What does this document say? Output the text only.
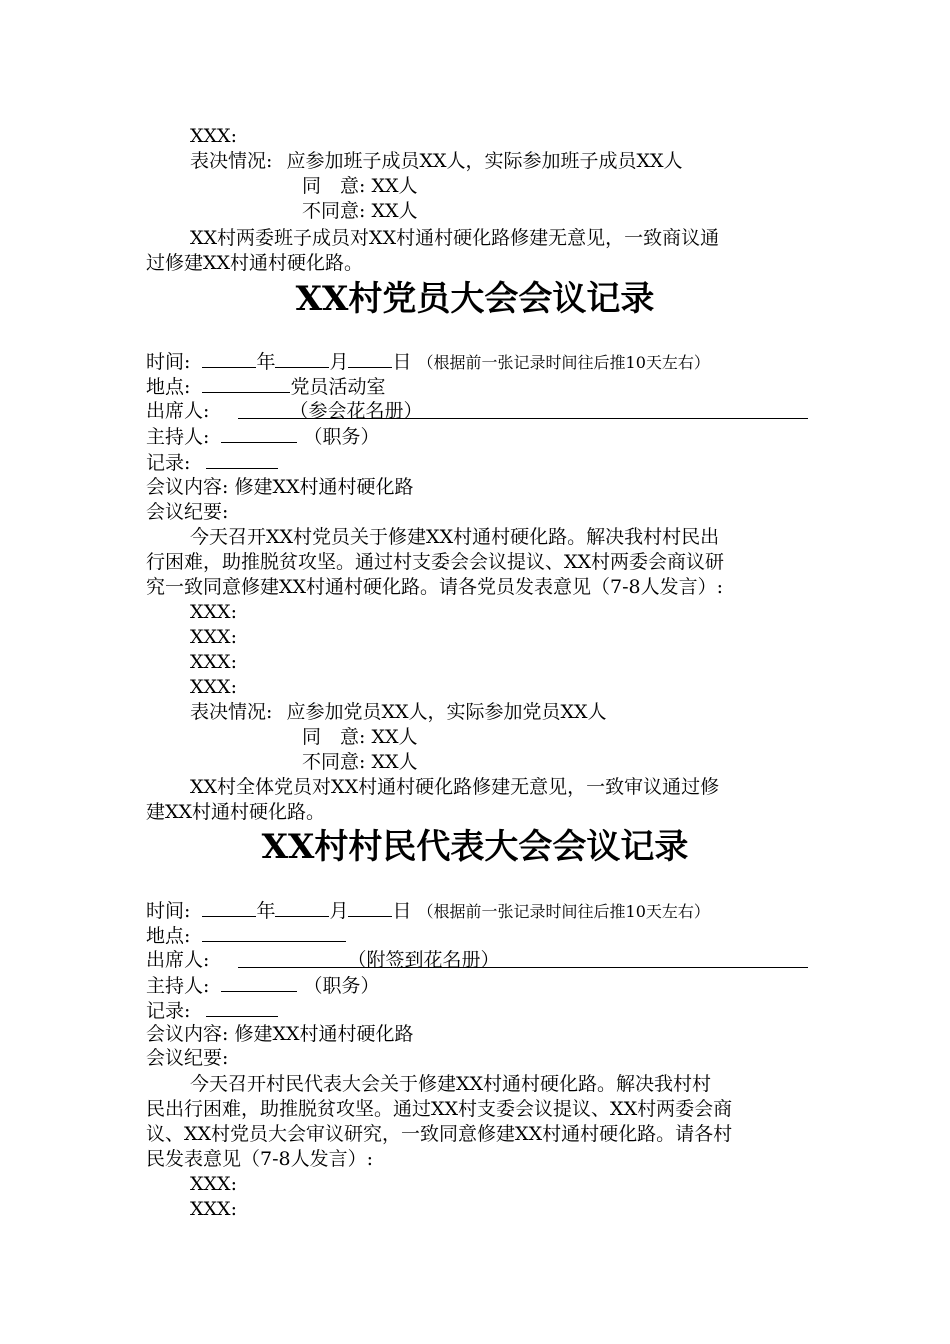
XXX:
表决情况: 应参加班子成员XX人，实际参加班子成员XX人
同　意: XX人
不同意: XX人
XX村两委班子成员对XX村通村硬化路修建无意见，一致商议通
过修建XX村通村硬化路。
XX村党员大会会议记录
时间:	年	月 日 （根据前一张记录时间往后推10天左右）
地点:	党员活动室
出席人:	（参会花名册）
主持人:	（职务）
记录:
会议内容: 修建XX村通村硬化路
会议纪要:
今天召开XX村党员关于修建XX村通村硬化路。解决我村村民出
行困难，助推脱贫攻坚。通过村支委会会议提议、XX村两委会商议研
究一致同意修建XX村通村硬化路。请各党员发表意见（7-8人发言）:
XXX:
XXX:
XXX:
XXX:
表决情况: 应参加党员XX人，实际参加党员XX人
同　意: XX人
不同意: XX人
XX村全体党员对XX村通村硬化路修建无意见，一致审议通过修
建XX村通村硬化路。
XX村村民代表大会会议记录
时间:	年	月 日 （根据前一张记录时间往后推10天左右）
地点:
出席人:	（附签到花名册）
主持人:	（职务）
记录:
会议内容: 修建XX村通村硬化路
会议纪要:
今天召开村民代表大会关于修建XX村通村硬化路。解决我村村
民出行困难，助推脱贫攻坚。通过XX村支委会议提议、XX村两委会商
议、XX村党员大会审议研究，一致同意修建XX村通村硬化路。请各村
民发表意见（7-8人发言）:
XXX:
XXX:
